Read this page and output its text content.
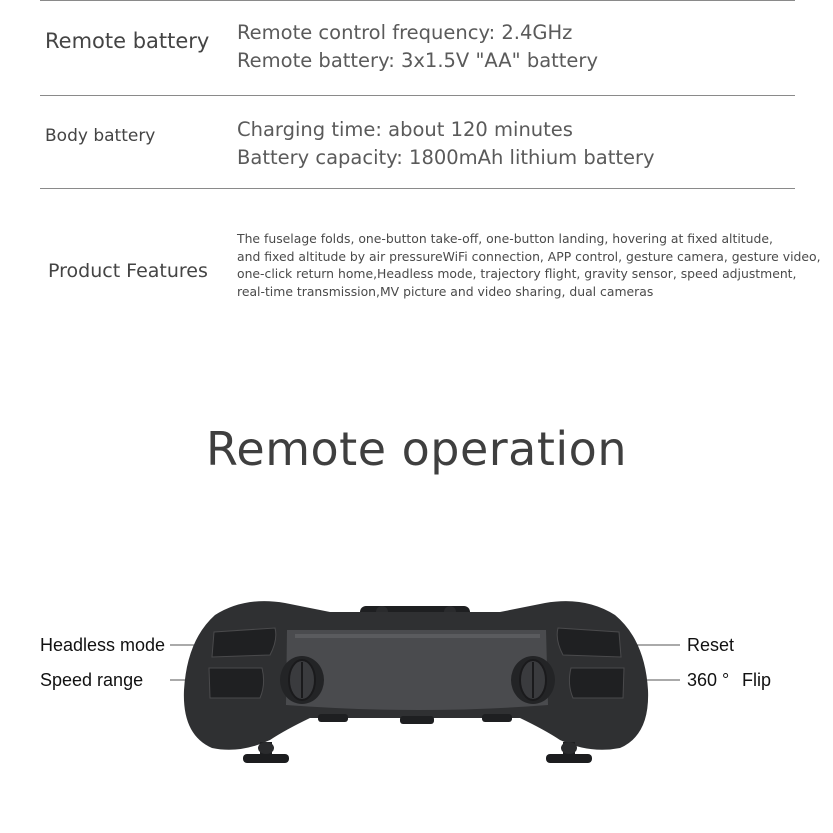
Remote battery Remote control frequency: 2.4GHz
Remote battery: 3x1.5V "AA" battery
Body battery	Charging time: about 120 minutes
Battery capacity: 1800mAh lithium battery
Product Features
The fuselage folds, one-button take-off, one-button landing, hovering at fixed altitude,
and fixed altitude by air pressureWiFi connection, APP control, gesture camera, gesture video,
one-click return home,Headless mode, trajectory flight, gravity sensor, speed adjustment,
real-time transmission,MV picture and video sharing, dual cameras
Remote operation
Headless mode
Speed range
Reset
360 ° Flip
